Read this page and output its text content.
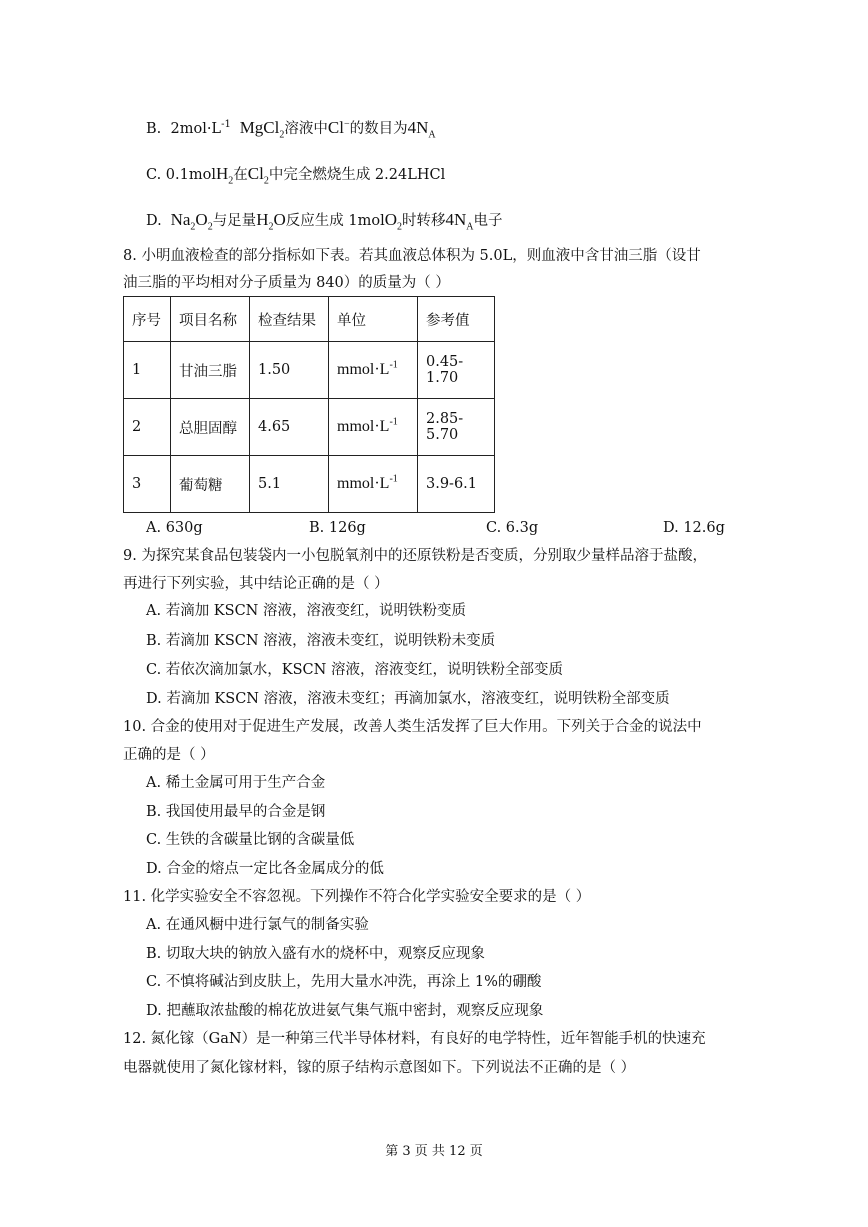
B. $2mol\cdot L^{-1}$ MgCl$_2$溶液中Cl−的数目为$4N_A$
C. 0.1molH$_2$在$Cl_2$中完全燃烧生成 2.24LHCl
D. $Na_2O_2$与足量$H_2O$反应生成 1molO$_2$时转移$4N_A$电子
8. 小明血液检查的部分指标如下表。若其血液总体积为 5.0L，则血液中含甘油三脂（设甘
油三脂的平均相对分子质量为 840）的质量为（ ）
序号	项目名称	检查结果	单位	参考值
1	甘油三脂	1.50	$mmol\cdot L^{-1}$	0.45-1.70
2	总胆固醇	4.65	$mmol\cdot L^{-1}$	2.85-5.70
3	葡萄糖	5.1	$mmol\cdot L^{-1}$	3.9-6.1
A. 630g	B. 126g	C. 6.3g	D. 12.6g
9. 为探究某食品包装袋内一小包脱氧剂中的还原铁粉是否变质，分别取少量样品溶于盐酸，
再进行下列实验，其中结论正确的是（ ）
A. 若滴加 KSCN 溶液，溶液变红，说明铁粉变质
B. 若滴加 KSCN 溶液，溶液未变红，说明铁粉未变质
C. 若依次滴加氯水，KSCN 溶液，溶液变红，说明铁粉全部变质
D. 若滴加 KSCN 溶液，溶液未变红；再滴加氯水，溶液变红，说明铁粉全部变质
10. 合金的使用对于促进生产发展，改善人类生活发挥了巨大作用。下列关于合金的说法中
正确的是（ ）
A. 稀土金属可用于生产合金
B. 我国使用最早的合金是钢
C. 生铁的含碳量比钢的含碳量低
D. 合金的熔点一定比各金属成分的低
11. 化学实验安全不容忽视。下列操作不符合化学实验安全要求的是（ ）
A. 在通风橱中进行氯气的制备实验
B. 切取大块的钠放入盛有水的烧杯中，观察反应现象
C. 不慎将碱沾到皮肤上，先用大量水冲洗，再涂上 1%的硼酸
D. 把蘸取浓盐酸的棉花放进氨气集气瓶中密封，观察反应现象
12. 氮化镓（GaN）是一种第三代半导体材料，有良好的电学特性，近年智能手机的快速充
电器就使用了氮化镓材料，镓的原子结构示意图如下。下列说法不正确的是（ ）
第 3 页 共 12 页
